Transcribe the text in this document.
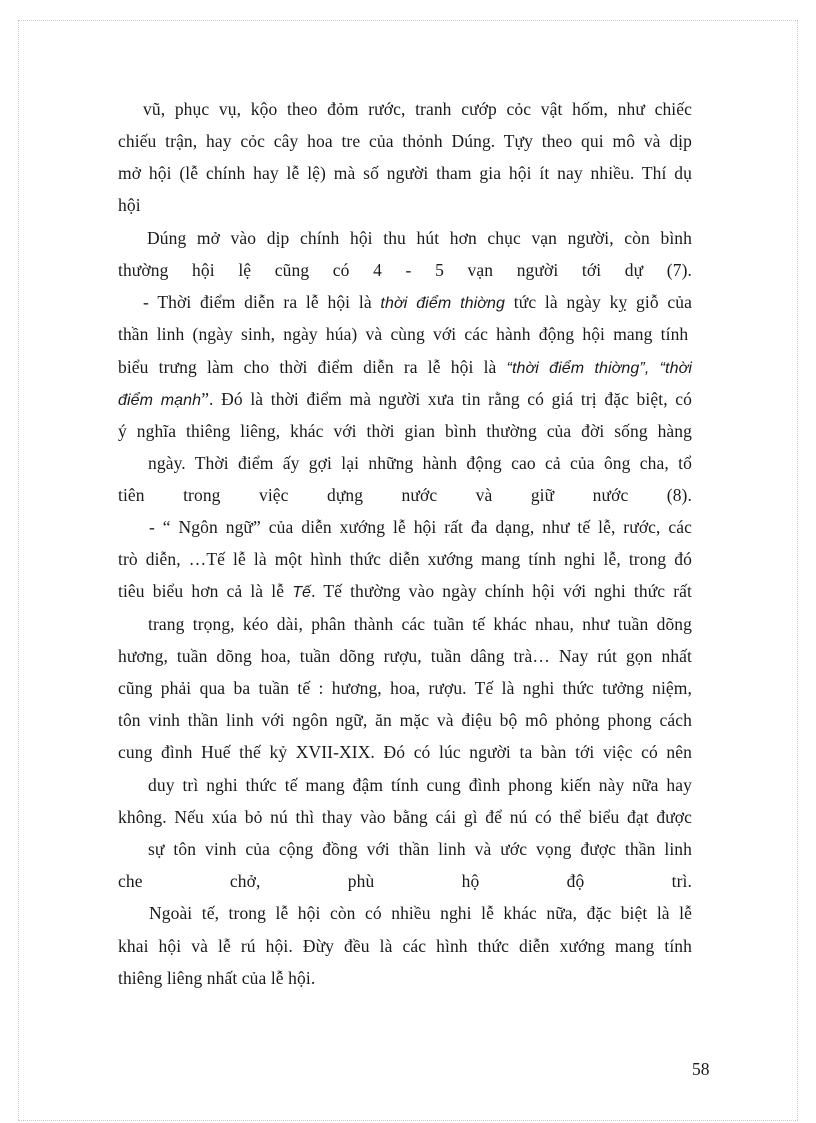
vũ, phục vụ, kộo theo đỏm rước, tranh cướp cỏc vật hốm, như chiếc
chiếu trận, hay cỏc cây hoa tre của thỏnh Dúng. Tựy theo qui mô và dịp
mở hội (lễ chính hay lễ lệ) mà số người tham gia hội ít nay nhiều. Thí dụ
hội
Dúng mở vào dịp chính hội thu hút hơn chục vạn người, còn bình
thường hội lệ cũng có 4 - 5 vạn người tới dự (7).
- Thời điểm diễn ra lễ hội là thời điểm thiờng tức là ngày kỵ giỗ của
thần linh (ngày sinh, ngày húa) và cùng với các hành động hội mang tính
biểu trưng làm cho thời điểm diễn ra lễ hội là “thời điểm thiờng”, “thời
điểm mạnh”. Đó là thời điểm mà người xưa tin rằng có giá trị đặc biệt, có
ý nghĩa thiêng liêng, khác với thời gian bình thường của đời sống hàng
ngày. Thời điểm ấy gợi lại những hành động cao cả của ông cha, tổ
tiên trong việc dựng nước và giữ nước (8).
- “ Ngôn ngữ” của diễn xướng lễ hội rất đa dạng, như tế lễ, rước, các
trò diễn, …Tế lễ là một hình thức diễn xướng mang tính nghi lễ, trong đó
tiêu biểu hơn cả là lễ Tế. Tế thường vào ngày chính hội với nghi thức rất
trang trọng, kéo dài, phân thành các tuần tế khác nhau, như tuần dõng
hương, tuần dõng hoa, tuần dõng rượu, tuần dâng trà… Nay rút gọn nhất
cũng phải qua ba tuần tế : hương, hoa, rượu. Tế là nghi thức tưởng niệm,
tôn vinh thần linh với ngôn ngữ, ăn mặc và điệu bộ mô phỏng phong cách
cung đình Huế thế kỷ XVII-XIX. Đó có lúc người ta bàn tới việc có nên
duy trì nghi thức tế mang đậm tính cung đình phong kiến này nữa hay
không. Nếu xúa bỏ nú thì thay vào bằng cái gì để nú có thể biểu đạt được
sự tôn vinh của cộng đồng với thần linh và ước vọng được thần linh
che	chở,	phù	hộ	độ	trì.
Ngoài tế, trong lễ hội còn có nhiều nghi lễ khác nữa, đặc biệt là lễ
khai hội và lễ rú hội. Đừy đều là các hình thức diễn xướng mang tính
thiêng liêng nhất của lễ hội.
58
